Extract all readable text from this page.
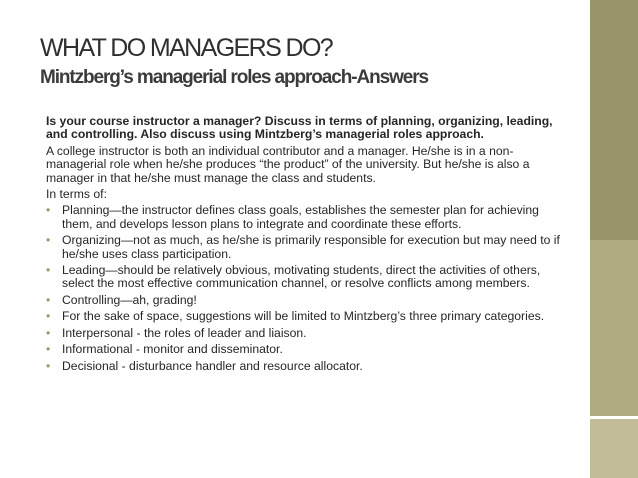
WHAT DO MANAGERS DO?
Mintzberg’s managerial roles approach-Answers

Is your course instructor a manager? Discuss in terms of planning, organizing, leading, and controlling. Also discuss using Mintzberg’s managerial roles approach.

A college instructor is both an individual contributor and a manager. He/she is in a non-managerial role when he/she produces “the product” of the university. But he/she is also a manager in that he/she must manage the class and students.

In terms of:

• Planning—the instructor defines class goals, establishes the semester plan for achieving them, and develops lesson plans to integrate and coordinate these efforts.
• Organizing—not as much, as he/she is primarily responsible for execution but may need to if he/she uses class participation.
• Leading—should be relatively obvious, motivating students, direct the activities of others, select the most effective communication channel, or resolve conflicts among members.
• Controlling—ah, grading!
• For the sake of space, suggestions will be limited to Mintzberg’s three primary categories.
• Interpersonal - the roles of leader and liaison.
• Informational - monitor and disseminator.
• Decisional - disturbance handler and resource allocator.
